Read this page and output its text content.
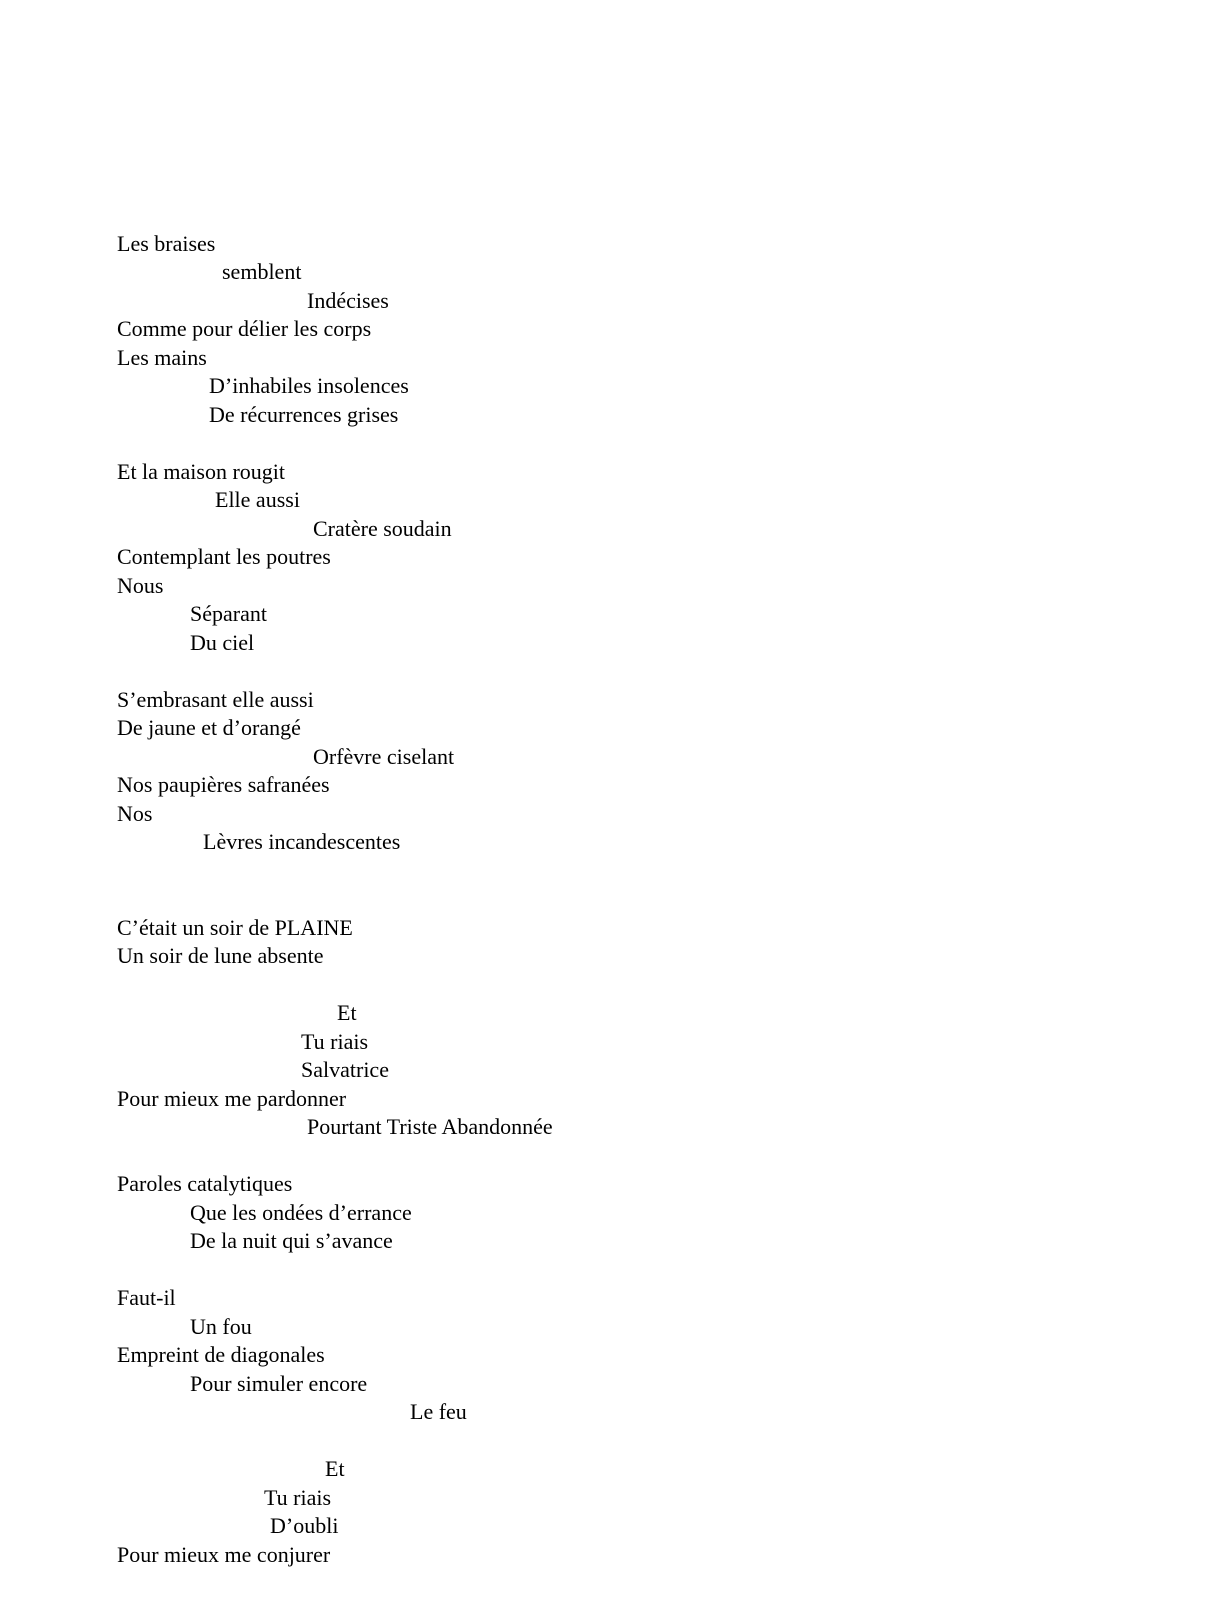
Les braises
semblent
Indécises
Comme pour délier les corps
Les mains
D’inhabiles insolences
De récurrences grises
Et la maison rougit
Elle aussi
Cratère soudain
Contemplant les poutres
Nous
Séparant
Du ciel
S’embrasant elle aussi
De jaune et d’orangé
Orfèvre ciselant
Nos paupières safranées
Nos
Lèvres incandescentes
C’était un soir de PLAINE
Un soir de lune absente
Et
Tu riais
Salvatrice
Pour mieux me pardonner
Pourtant Triste Abandonnée
Paroles catalytiques
Que les ondées d’errance
De la nuit qui s’avance
Faut-il
Un fou
Empreint de diagonales
Pour simuler encore
Le feu
Et
Tu riais
D’oubli
Pour mieux me conjurer
